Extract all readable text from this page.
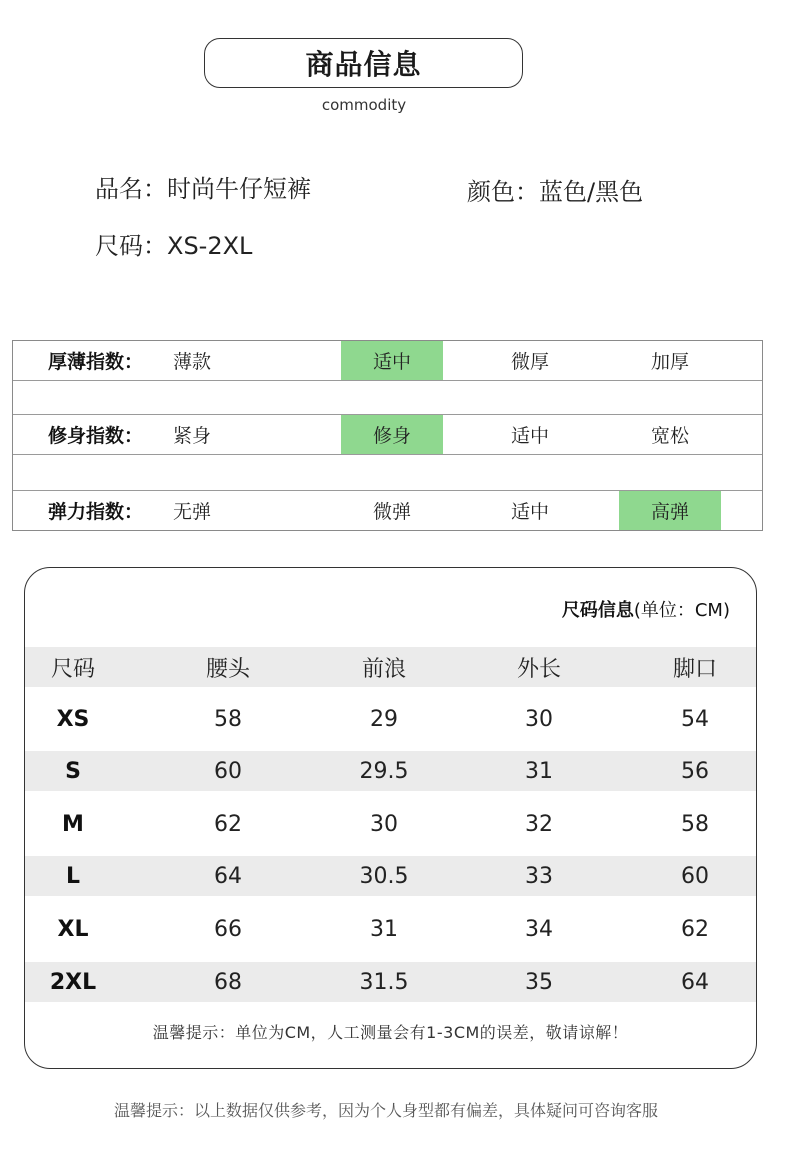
商品信息
commodity
品名：时尚牛仔短裤	颜色：蓝色/黑色
尺码：XS-2XL
厚薄指数：	薄款	适中	微厚	加厚
修身指数：	紧身	修身	适中	宽松
弹力指数：	无弹	微弹	适中	高弹
尺码信息(单位：CM)
尺码	腰头	前浪	外长	脚口
XS	58	29	30	54
S	60	29.5	31	56
M	62	30	32	58
L	64	30.5	33	60
XL	66	31	34	62
2XL	68	31.5	35	64
温馨提示：单位为CM，人工测量会有1-3CM的误差，敬请谅解！
温馨提示：以上数据仅供参考，因为个人身型都有偏差，具体疑问可咨询客服
